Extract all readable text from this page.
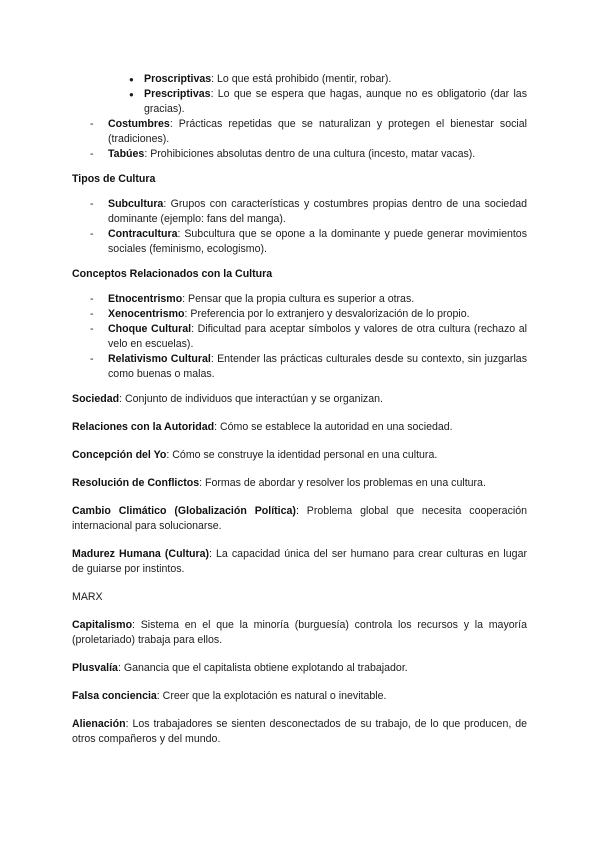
● Proscriptivas: Lo que está prohibido (mentir, robar).
● Prescriptivas: Lo que se espera que hagas, aunque no es obligatorio (dar las gracias).
- Costumbres: Prácticas repetidas que se naturalizan y protegen el bienestar social (tradiciones).
- Tabúes: Prohibiciones absolutas dentro de una cultura (incesto, matar vacas).

Tipos de Cultura

- Subcultura: Grupos con características y costumbres propias dentro de una sociedad dominante (ejemplo: fans del manga).
- Contracultura: Subcultura que se opone a la dominante y puede generar movimientos sociales (feminismo, ecologismo).

Conceptos Relacionados con la Cultura

- Etnocentrismo: Pensar que la propia cultura es superior a otras.
- Xenocentrismo: Preferencia por lo extranjero y desvalorización de lo propio.
- Choque Cultural: Dificultad para aceptar símbolos y valores de otra cultura (rechazo al velo en escuelas).
- Relativismo Cultural: Entender las prácticas culturales desde su contexto, sin juzgarlas como buenas o malas.

Sociedad: Conjunto de individuos que interactúan y se organizan.

Relaciones con la Autoridad: Cómo se establece la autoridad en una sociedad.

Concepción del Yo: Cómo se construye la identidad personal en una cultura.

Resolución de Conflictos: Formas de abordar y resolver los problemas en una cultura.

Cambio Climático (Globalización Política): Problema global que necesita cooperación internacional para solucionarse.

Madurez Humana (Cultura): La capacidad única del ser humano para crear culturas en lugar de guiarse por instintos.

MARX

Capitalismo: Sistema en el que la minoría (burguesía) controla los recursos y la mayoría (proletariado) trabaja para ellos.

Plusvalía: Ganancia que el capitalista obtiene explotando al trabajador.

Falsa conciencia: Creer que la explotación es natural o inevitable.

Alienación: Los trabajadores se sienten desconectados de su trabajo, de lo que producen, de otros compañeros y del mundo.
